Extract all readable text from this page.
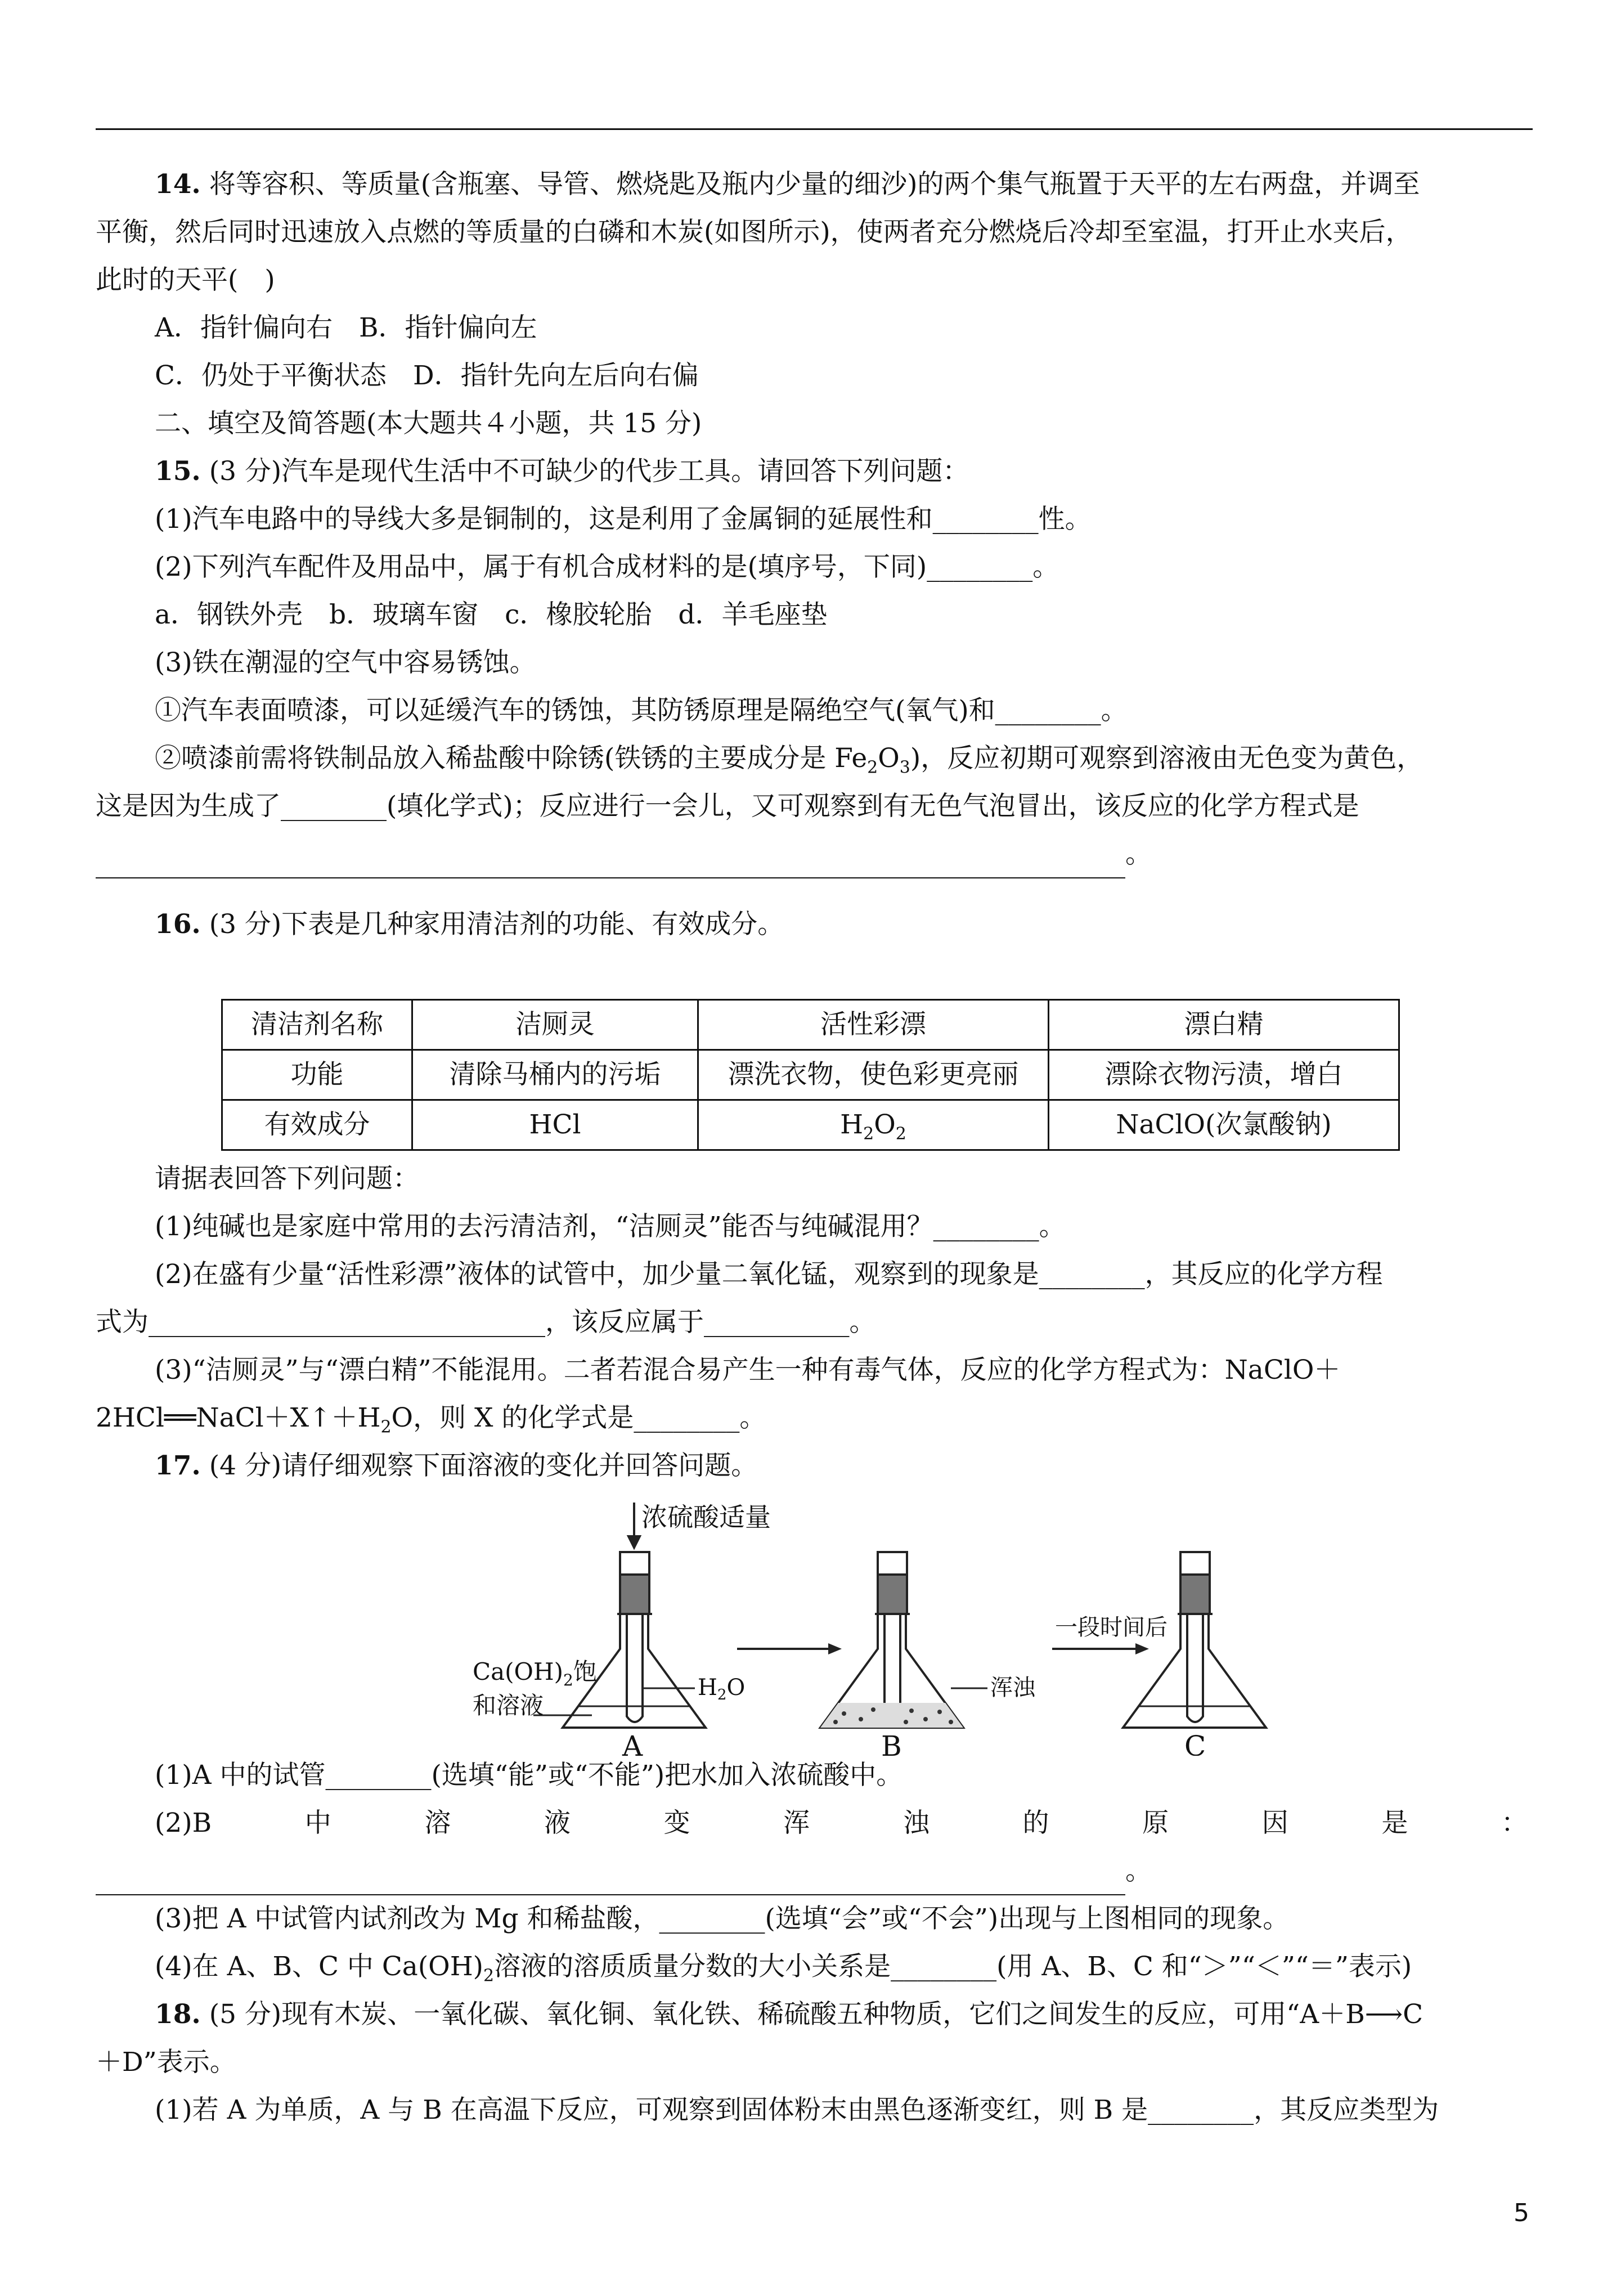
14. 将等容积、等质量(含瓶塞、导管、燃烧匙及瓶内少量的细沙)的两个集气瓶置于天平的左右两盘，并调至
平衡，然后同时迅速放入点燃的等质量的白磷和木炭(如图所示)，使两者充分燃烧后冷却至室温，打开止水夹后，
此时的天平(　)
A．指针偏向右　B．指针偏向左
C．仍处于平衡状态　D．指针先向左后向右偏
二、填空及简答题(本大题共４小题，共 15 分)
15. (3 分)汽车是现代生活中不可缺少的代步工具。请回答下列问题：
(1)汽车电路中的导线大多是铜制的，这是利用了金属铜的延展性和________性。
(2)下列汽车配件及用品中，属于有机合成材料的是(填序号，下同)________。
a．钢铁外壳　b．玻璃车窗　c．橡胶轮胎　d．羊毛座垫
(3)铁在潮湿的空气中容易锈蚀。
①汽车表面喷漆，可以延缓汽车的锈蚀，其防锈原理是隔绝空气(氧气)和________。
②喷漆前需将铁制品放入稀盐酸中除锈(铁锈的主要成分是 $Fe_2O_3$)，反应初期可观察到溶液由无色变为黄色，
这是因为生成了________(填化学式)；反应进行一会儿，又可观察到有无色气泡冒出，该反应的化学方程式是
。
16. (3 分)下表是几种家用清洁剂的功能、有效成分。
清洁剂名称	洁厕灵	活性彩漂	漂白精
功能	清除马桶内的污垢	漂洗衣物，使色彩更亮丽	漂除衣物污渍，增白
有效成分	HCl	$H_2O_2$	NaClO(次氯酸钠)
请据表回答下列问题：
(1)纯碱也是家庭中常用的去污清洁剂，“洁厕灵”能否与纯碱混用？________。
(2)在盛有少量“活性彩漂”液体的试管中，加少量二氧化锰，观察到的现象是________，其反应的化学方程
式为______________________________，该反应属于___________。
(3)“洁厕灵”与“漂白精”不能混用。二者若混合易产生一种有毒气体，反应的化学方程式为：NaClO＋
$2HCl══NaCl+X↑+H_2O$，则 X 的化学式是________。
17. (4 分)请仔细观察下面溶液的变化并回答问题。
浓硫酸适量
$Ca(OH)_2$饱
和溶液
$H_2O$
A
浑浊
B
一段时间后
C
(1)A 中的试管________(选填“能”或“不能”)把水加入浓硫酸中。
(2)B	中	溶	液	变	浑	浊	的	原	因	是	：
。
(3)把 A 中试管内试剂改为 Mg 和稀盐酸，________(选填“会”或“不会”)出现与上图相同的现象。
(4)在 A、B、C 中 $Ca(OH)_2$溶液的溶质质量分数的大小关系是________(用 A、B、C 和“＞”“＜”“＝”表示)
18. (5 分)现有木炭、一氧化碳、氧化铜、氧化铁、稀硫酸五种物质，它们之间发生的反应，可用“A＋B⟶C
＋D”表示。
(1)若 A 为单质，A 与 B 在高温下反应，可观察到固体粉末由黑色逐渐变红，则 B 是________，其反应类型为
5
